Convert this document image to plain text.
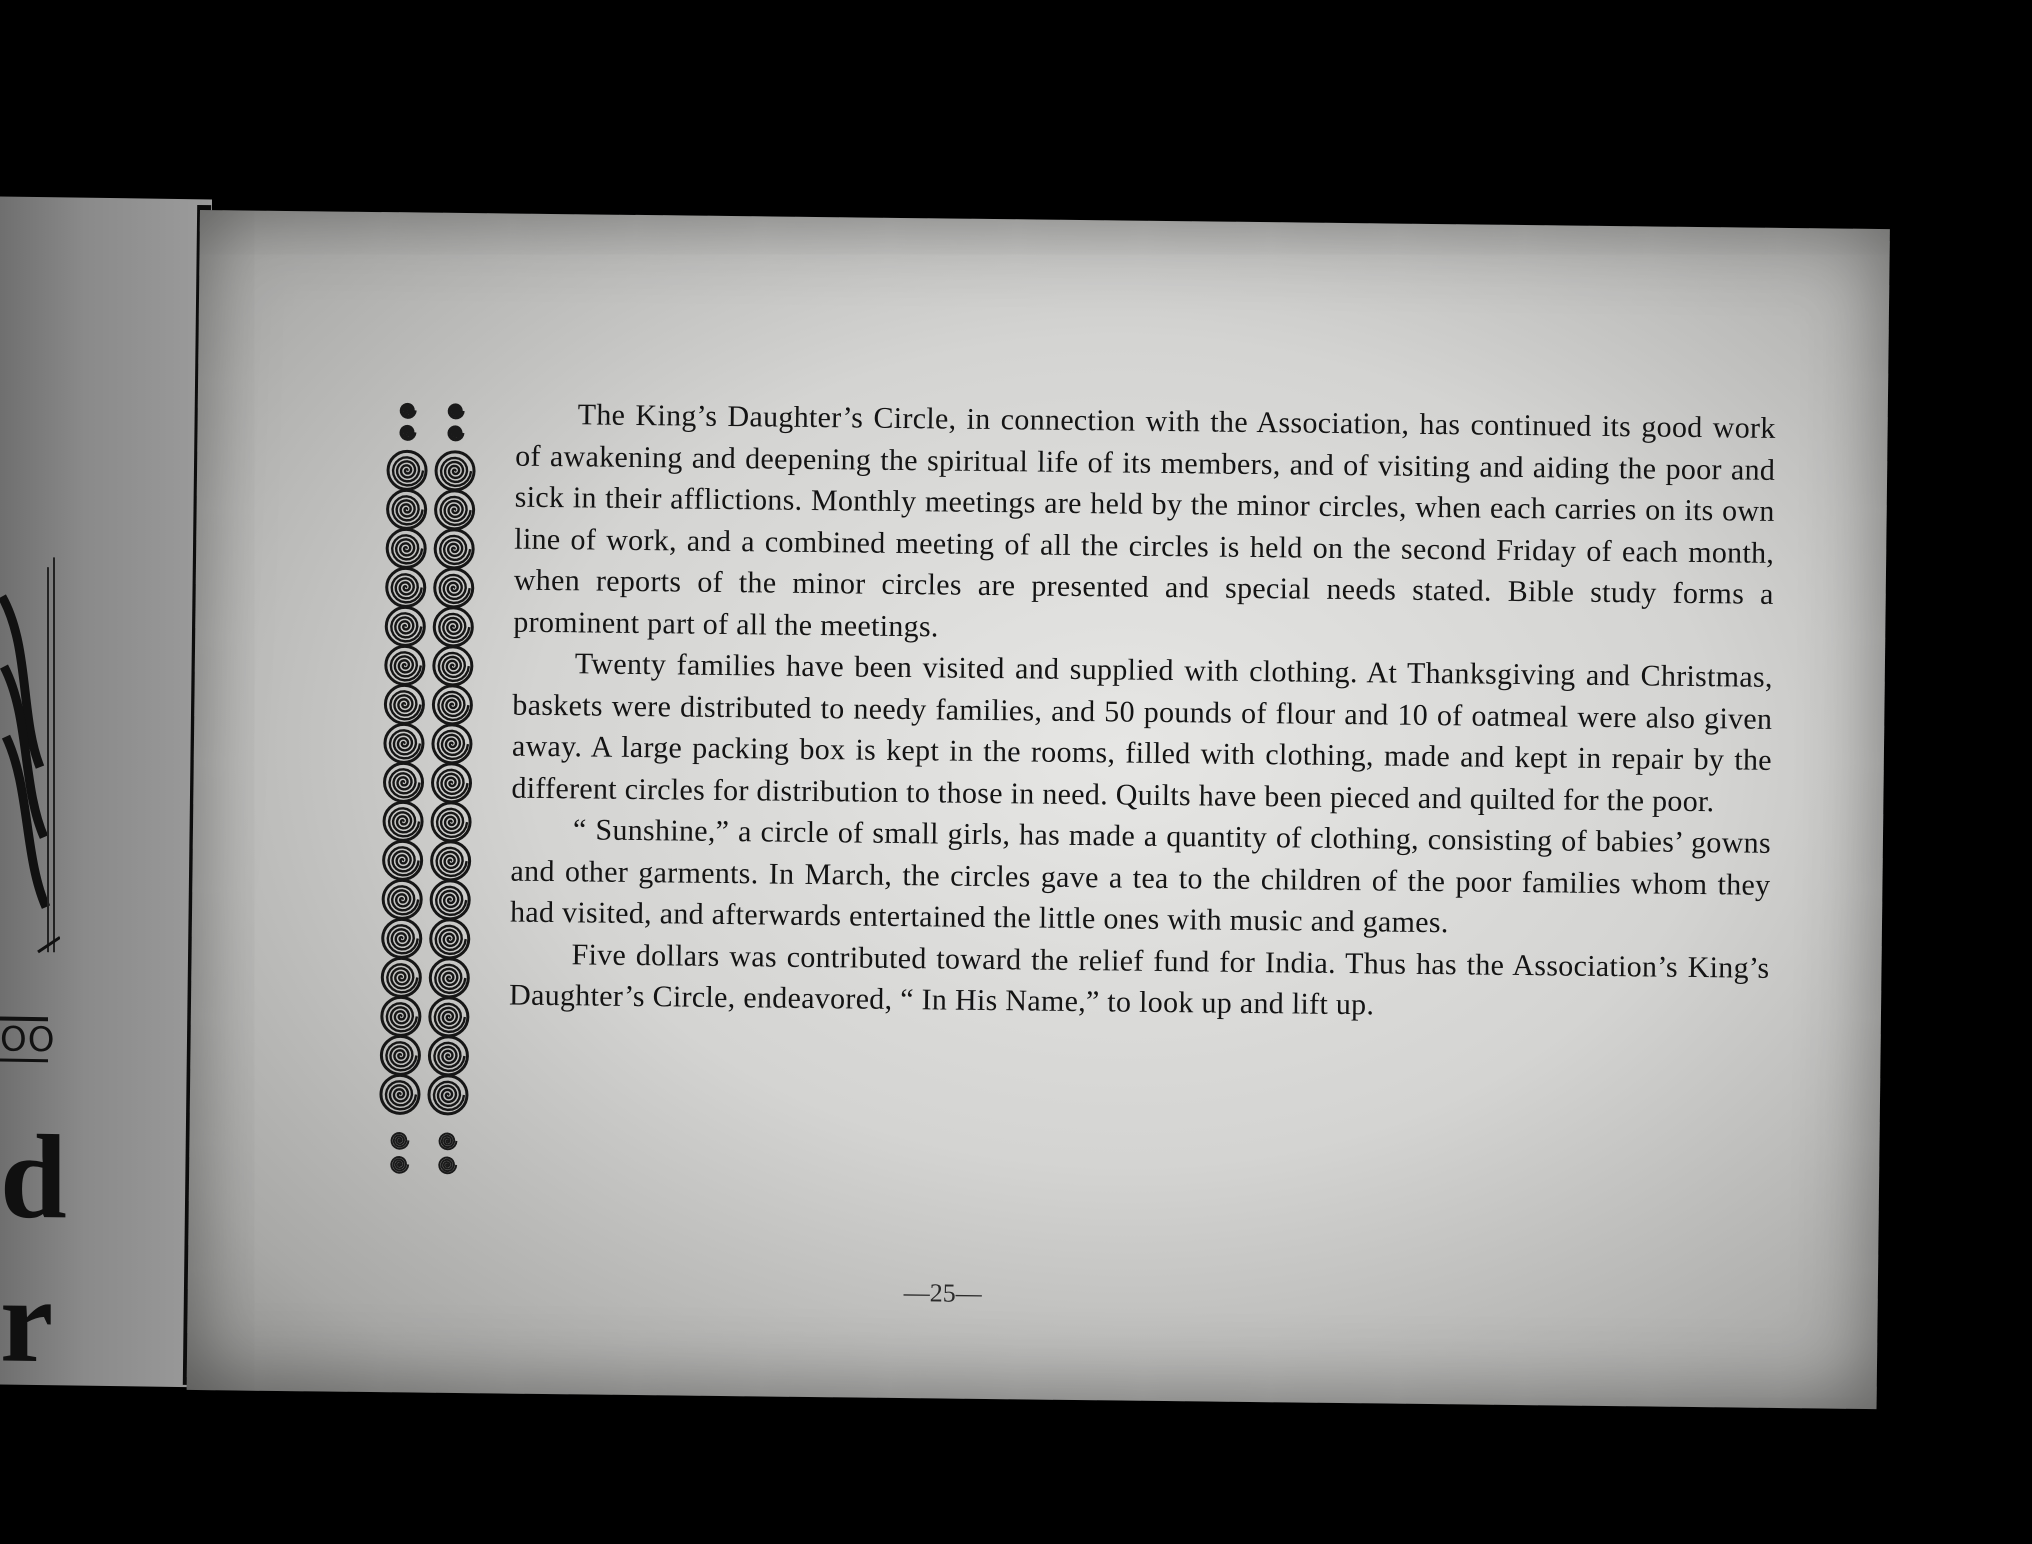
OO
d
r

The King’s Daughter’s Circle, in connection with the Association, has continued its good work of awakening and deepening the spiritual life of its members, and of visiting and aiding the poor and sick in their afflictions. Monthly meetings are held by the minor circles, when each carries on its own line of work, and a combined meeting of all the circles is held on the second Friday of each month, when reports of the minor circles are presented and special needs stated. Bible study forms a prominent part of all the meetings.

Twenty families have been visited and supplied with clothing. At Thanksgiving and Christmas, baskets were distributed to needy families, and 50 pounds of flour and 10 of oatmeal were also given away. A large packing box is kept in the rooms, filled with clothing, made and kept in repair by the different circles for distribution to those in need. Quilts have been pieced and quilted for the poor.

“ Sunshine,” a circle of small girls, has made a quantity of clothing, consisting of babies’ gowns and other garments. In March, the circles gave a tea to the children of the poor families whom they had visited, and afterwards entertained the little ones with music and games.

Five dollars was contributed toward the relief fund for India. Thus has the Association’s King’s Daughter’s Circle, endeavored, “ In His Name,” to look up and lift up.

—25—
